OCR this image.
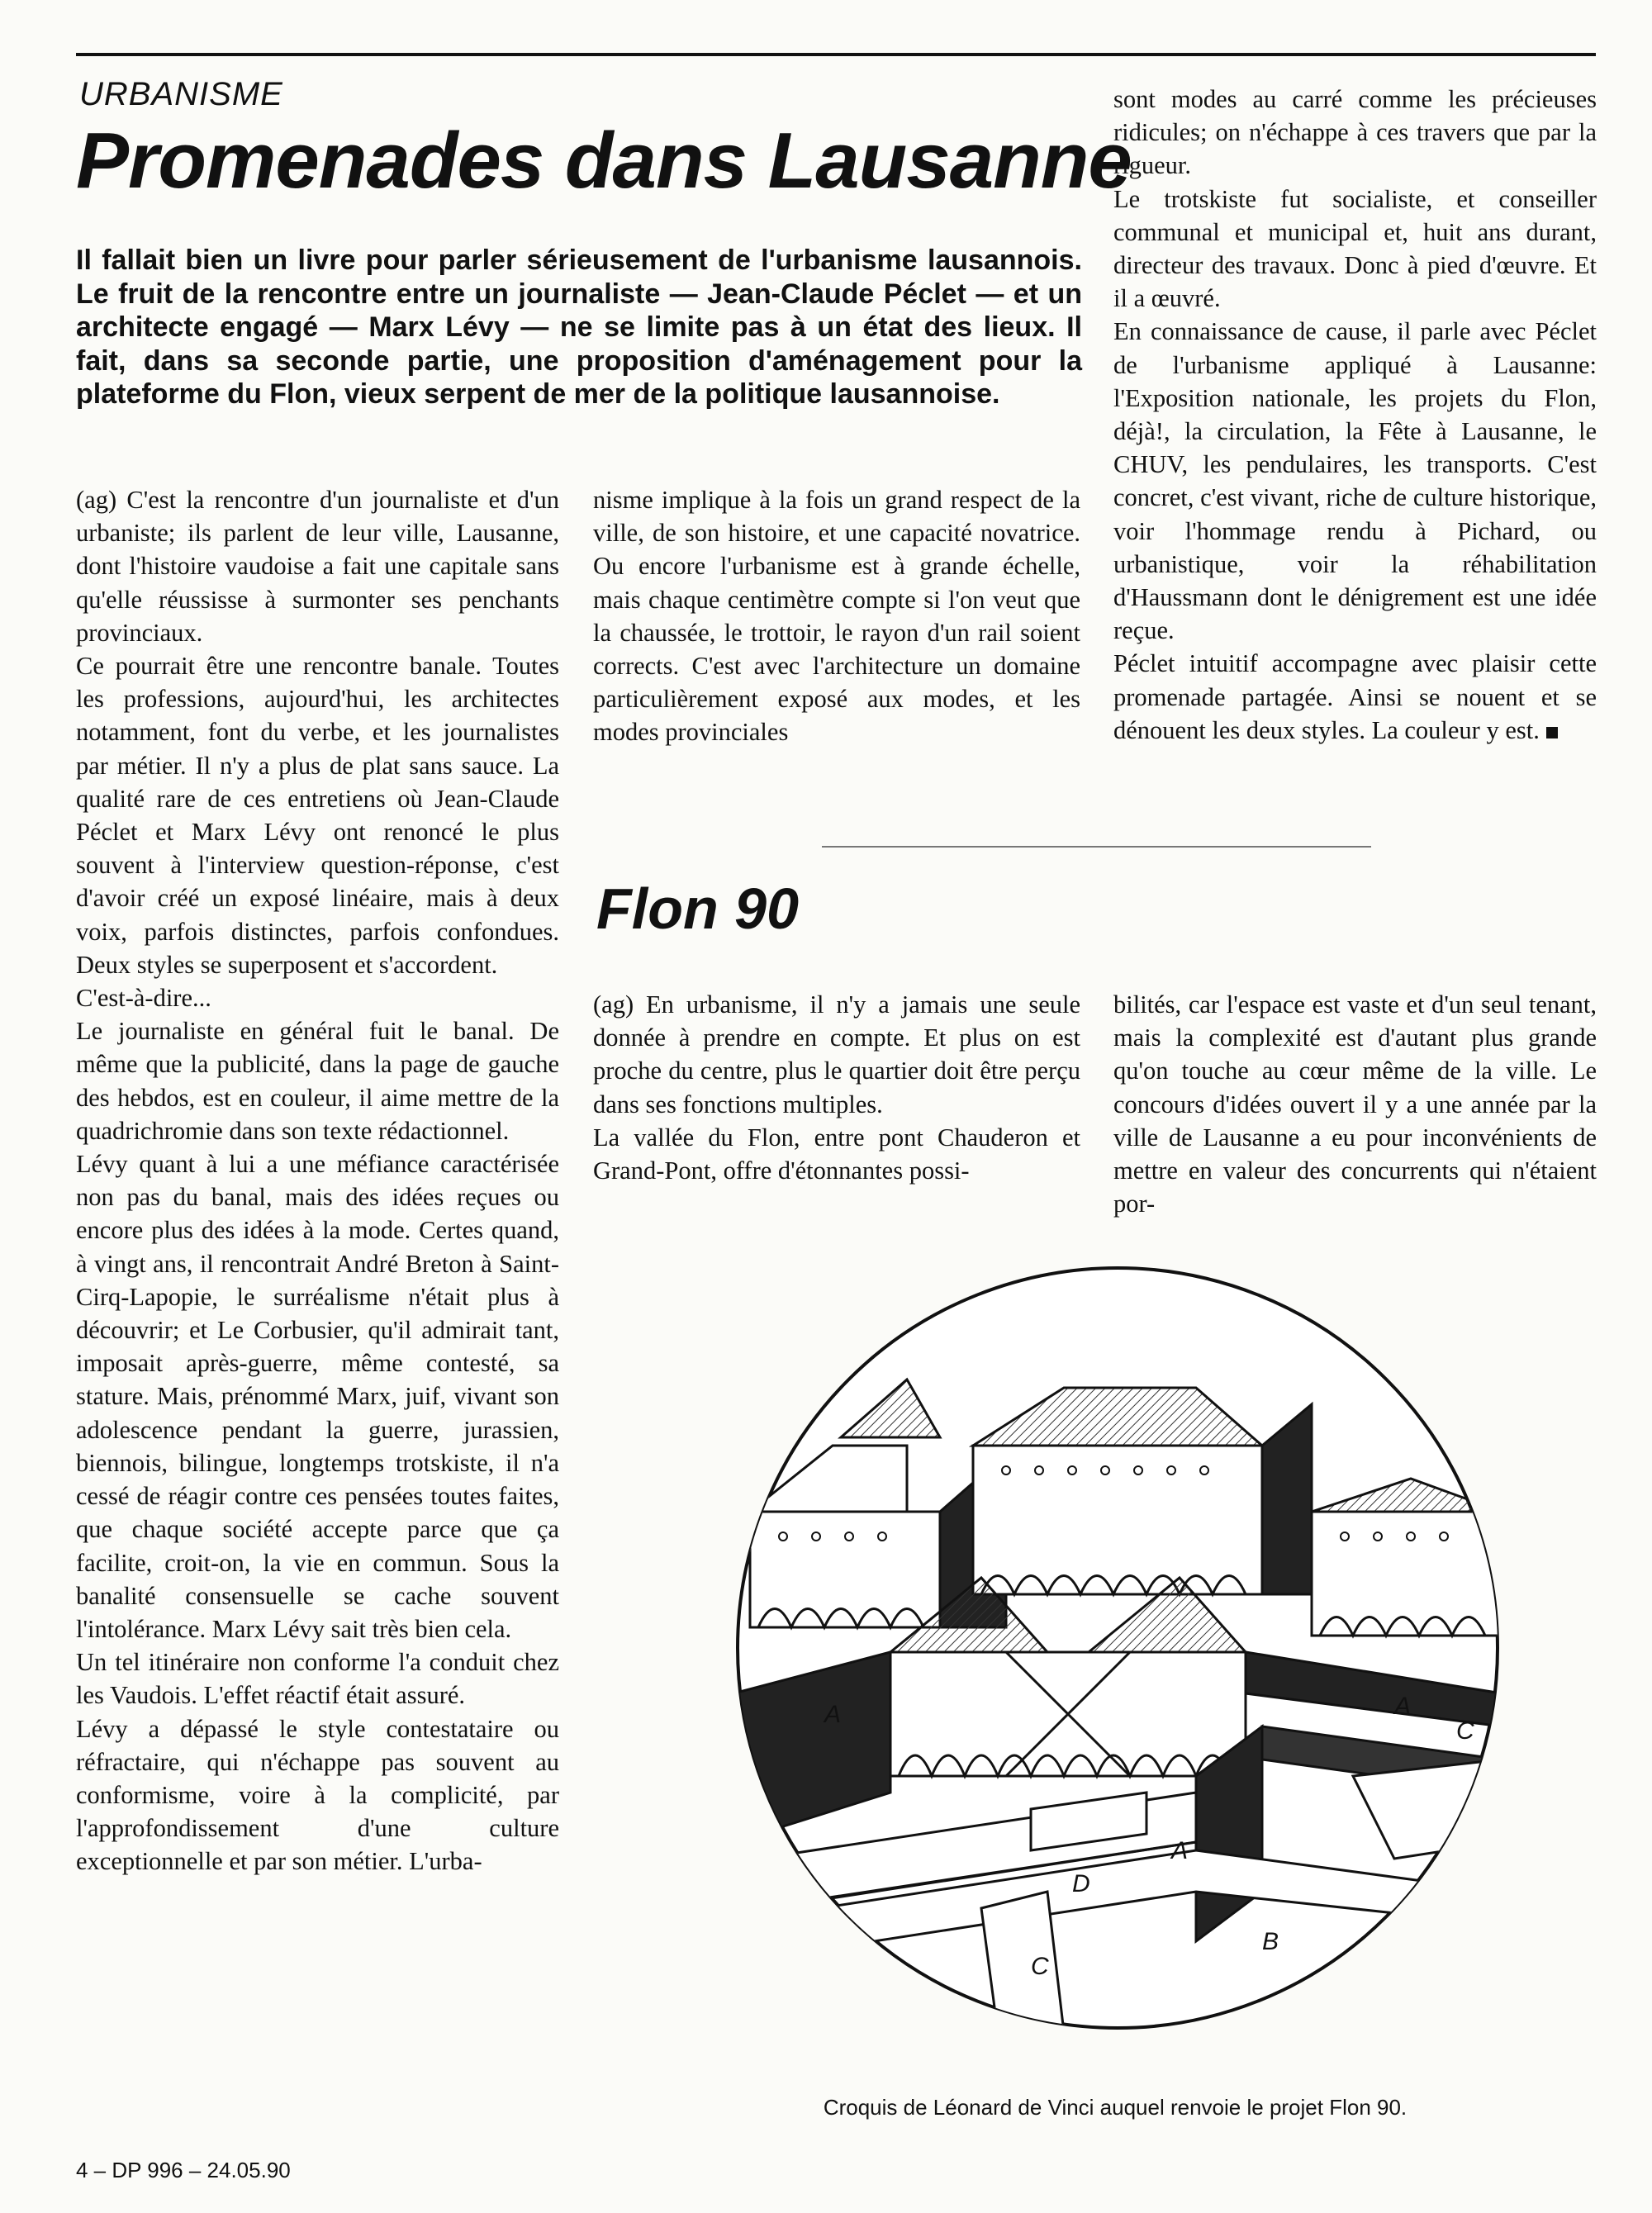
URBANISME
Promenades dans Lausanne

Il fallait bien un livre pour parler sérieusement de l'urbanisme lausannois. Le fruit de la rencontre entre un journaliste — Jean-Claude Péclet — et un architecte engagé — Marx Lévy — ne se limite pas à un état des lieux. Il fait, dans sa seconde partie, une proposition d'aménagement pour la plateforme du Flon, vieux serpent de mer de la politique lausannoise.

(ag) C'est la rencontre d'un journaliste et d'un urbaniste; ils parlent de leur ville, Lausanne, dont l'histoire vaudoise a fait une capitale sans qu'elle réussisse à surmonter ses penchants provinciaux.

Ce pourrait être une rencontre banale. Toutes les professions, aujourd'hui, les architectes notamment, font du verbe, et les journalistes par métier. Il n'y a plus de plat sans sauce. La qualité rare de ces entretiens où Jean-Claude Péclet et Marx Lévy ont renoncé le plus souvent à l'interview question-réponse, c'est d'avoir créé un exposé linéaire, mais à deux voix, parfois distinctes, parfois confondues. Deux styles se superposent et s'accordent.

C'est-à-dire...

Le journaliste en général fuit le banal. De même que la publicité, dans la page de gauche des hebdos, est en couleur, il aime mettre de la quadrichromie dans son texte rédactionnel.

Lévy quant à lui a une méfiance caractérisée non pas du banal, mais des idées reçues ou encore plus des idées à la mode. Certes quand, à vingt ans, il rencontrait André Breton à Saint-Cirq-Lapopie, le surréalisme n'était plus à découvrir; et Le Corbusier, qu'il admirait tant, imposait après-guerre, même contesté, sa stature. Mais, prénommé Marx, juif, vivant son adolescence pendant la guerre, jurassien, biennois, bilingue, longtemps trotskiste, il n'a cessé de réagir contre ces pensées toutes faites, que chaque société accepte parce que ça facilite, croit-on, la vie en commun. Sous la banalité consensuelle se cache souvent l'intolérance. Marx Lévy sait très bien cela.

Un tel itinéraire non conforme l'a conduit chez les Vaudois. L'effet réactif était assuré.

Lévy a dépassé le style contestataire ou réfractaire, qui n'échappe pas souvent au conformisme, voire à la complicité, par l'approfondissement d'une culture exceptionnelle et par son métier. L'urba-

nisme implique à la fois un grand respect de la ville, de son histoire, et une capacité novatrice. Ou encore l'urbanisme est à grande échelle, mais chaque centimètre compte si l'on veut que la chaussée, le trottoir, le rayon d'un rail soient corrects. C'est avec l'architecture un domaine particulièrement exposé aux modes, et les modes provinciales

sont modes au carré comme les précieuses ridicules; on n'échappe à ces travers que par la rigueur.

Le trotskiste fut socialiste, et conseiller communal et municipal et, huit ans durant, directeur des travaux. Donc à pied d'œuvre. Et il a œuvré.

En connaissance de cause, il parle avec Péclet de l'urbanisme appliqué à Lausanne: l'Exposition nationale, les projets du Flon, déjà!, la circulation, la Fête à Lausanne, le CHUV, les pendulaires, les transports. C'est concret, c'est vivant, riche de culture historique, voir l'hommage rendu à Pichard, ou urbanistique, voir la réhabilitation d'Haussmann dont le dénigrement est une idée reçue.

Péclet intuitif accompagne avec plaisir cette promenade partagée. Ainsi se nouent et se dénouent les deux styles. La couleur y est.

Flon 90

(ag) En urbanisme, il n'y a jamais une seule donnée à prendre en compte. Et plus on est proche du centre, plus le quartier doit être perçu dans ses fonctions multiples.

La vallée du Flon, entre pont Chauderon et Grand-Pont, offre d'étonnantes possi-

bilités, car l'espace est vaste et d'un seul tenant, mais la complexité est d'autant plus grande qu'on touche au cœur même de la ville. Le concours d'idées ouvert il y a une année par la ville de Lausanne a eu pour inconvénients de mettre en valeur des concurrents qui n'étaient por-

A
A
A
B
C
C
D
Croquis de Léonard de Vinci auquel renvoie le projet Flon 90.
4 – DP 996 – 24.05.90
